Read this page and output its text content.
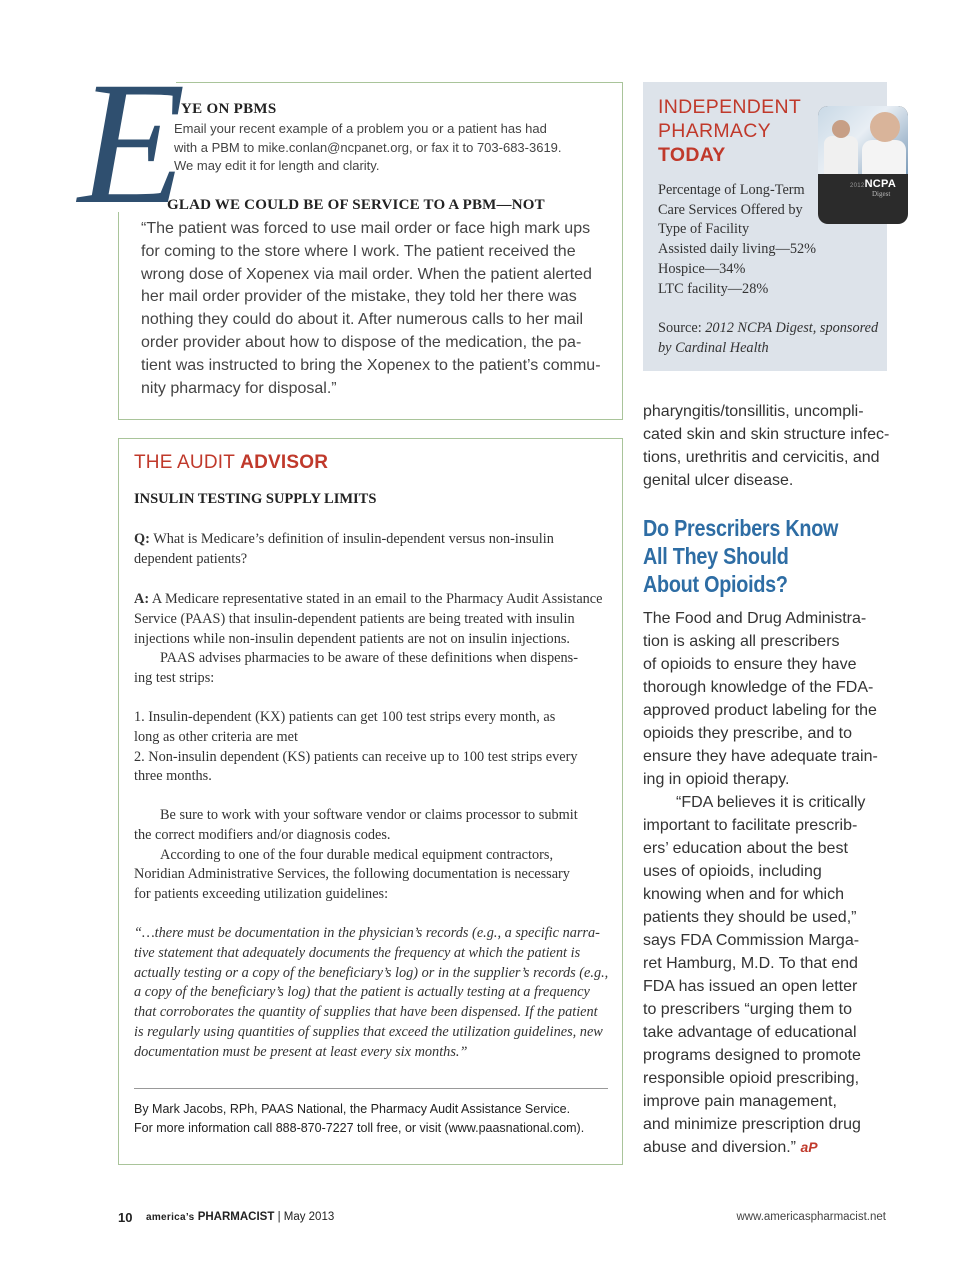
E
YE ON PBMS
Email your recent example of a problem you or a patient has had
with a PBM to mike.conlan@ncpanet.org, or fax it to 703-683-3619.
We may edit it for length and clarity.
GLAD WE COULD BE OF SERVICE TO A PBM—NOT
“The patient was forced to use mail order or face high mark ups
for coming to the store where I work. The patient received the
wrong dose of Xopenex via mail order. When the patient alerted
her mail order provider of the mistake, they told her there was
nothing they could do about it. After numerous calls to her mail
order provider about how to dispose of the medication, the pa-
tient was instructed to bring the Xopenex to the patient’s commu-
nity pharmacy for disposal.”
THE AUDIT ADVISOR
INSULIN TESTING SUPPLY LIMITS
Q: What is Medicare’s definition of insulin-dependent versus non-insulin
dependent patients?
A: A Medicare representative stated in an email to the Pharmacy Audit Assistance
Service (PAAS) that insulin-dependent patients are being treated with insulin
injections while non-insulin dependent patients are not on insulin injections.
PAAS advises pharmacies to be aware of these definitions when dispens-
ing test strips:
1. Insulin-dependent (KX) patients can get 100 test strips every month, as
long as other criteria are met
2. Non-insulin dependent (KS) patients can receive up to 100 test strips every
three months.
Be sure to work with your software vendor or claims processor to submit
the correct modifiers and/or diagnosis codes.
According to one of the four durable medical equipment contractors,
Noridian Administrative Services, the following documentation is necessary
for patients exceeding utilization guidelines:
“…there must be documentation in the physician’s records (e.g., a specific narra-
tive statement that adequately documents the frequency at which the patient is
actually testing or a copy of the beneficiary’s log) or in the supplier’s records (e.g.,
a copy of the beneficiary’s log) that the patient is actually testing at a frequency
that corroborates the quantity of supplies that have been dispensed. If the patient
is regularly using quantities of supplies that exceed the utilization guidelines, new
documentation must be present at least every six months.”
By Mark Jacobs, RPh, PAAS National, the Pharmacy Audit Assistance Service.
For more information call 888-870-7227 toll free, or visit (www.paasnational.com).
INDEPENDENT
PHARMACY
TODAY
2012NCPA
Digest
Percentage of Long-Term
Care Services Offered by
Type of Facility
Assisted daily living—52%
Hospice—34%
LTC facility—28%
Source: 2012 NCPA Digest, sponsored
by Cardinal Health
pharyngitis/tonsillitis, uncompli-
cated skin and skin structure infec-
tions, urethritis and cervicitis, and
genital ulcer disease.
Do Prescribers Know
All They Should
About Opioids?
The Food and Drug Administra-
tion is asking all prescribers
of opioids to ensure they have
thorough knowledge of the FDA-
approved product labeling for the
opioids they prescribe, and to
ensure they have adequate train-
ing in opioid therapy.
“FDA believes it is critically
important to facilitate prescrib-
ers’ education about the best
uses of opioids, including
knowing when and for which
patients they should be used,”
says FDA Commission Marga-
ret Hamburg, M.D. To that end
FDA has issued an open letter
to prescribers “urging them to
take advantage of educational
programs designed to promote
responsible opioid prescribing,
improve pain management,
and minimize prescription drug
abuse and diversion.” aP
10 america’s PHARMACIST | May 2013	www.americaspharmacist.net
